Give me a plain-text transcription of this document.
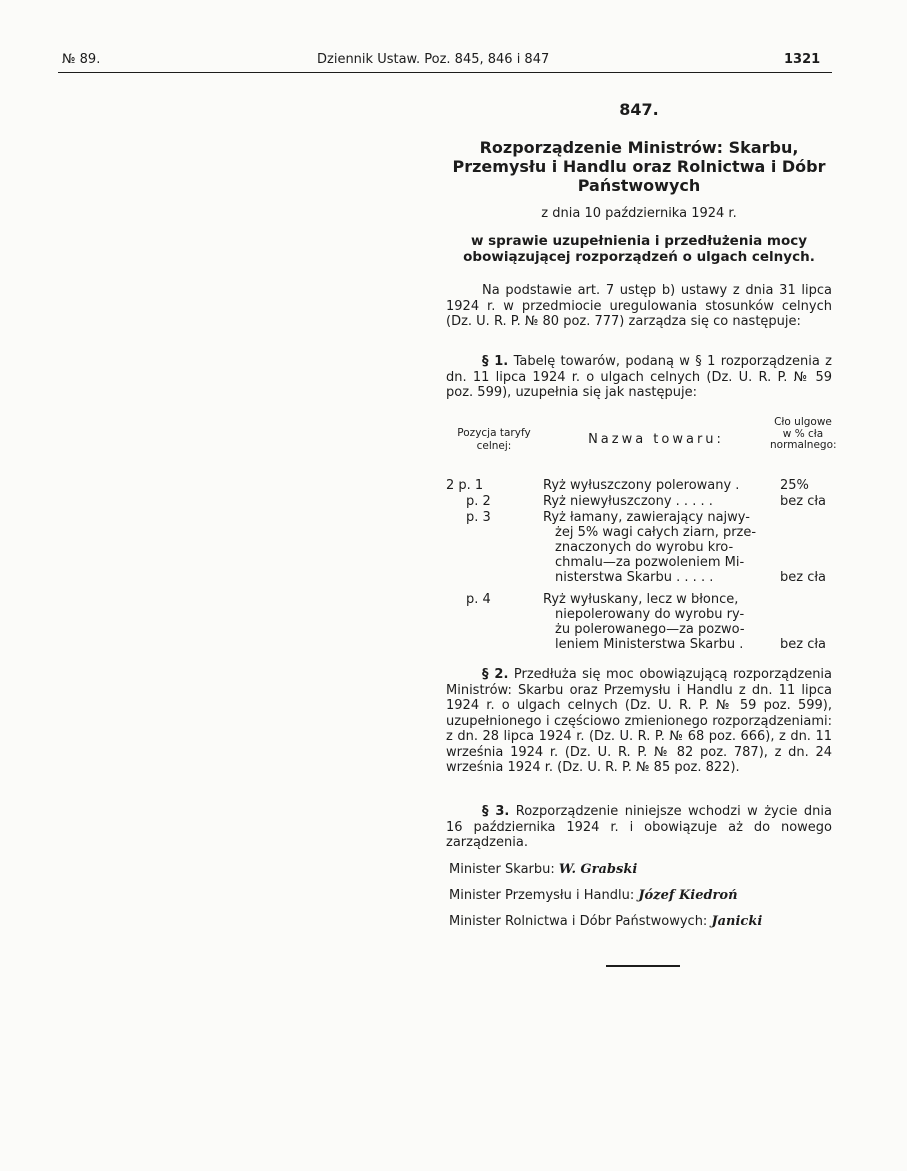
№ 89.	Dziennik Ustaw. Poz. 845, 846 i 847	1321
847.
Rozporządzenie Ministrów: Skarbu, Przemysłu i Handlu oraz Rolnictwa i Dóbr Państwowych
z dnia 10 października 1924 r.
w sprawie uzupełnienia i przedłużenia mocy obowiązującej rozporządzeń o ulgach celnych.
Na podstawie art. 7 ustęp b) ustawy z dnia 31 lipca 1924 r. w przedmiocie uregulowania stosunków celnych (Dz. U. R. P. № 80 poz. 777) zarządza się co następuje:
§ 1. Tabelę towarów, podaną w § 1 rozporządzenia z dn. 11 lipca 1924 r. o ulgach celnych (Dz. U. R. P. № 59 poz. 599), uzupełnia się jak następuje:
Pozycja taryfy celnej:	Nazwa towaru:
Cło ulgowe w % cła normalnego:
2 p. 1	Ryż wyłuszczony polerowany .	25%
p. 2	Ryż niewyłuszczony . . . . .	bez cła
p. 3	Ryż łamany, zawierający najwy-
żej 5% wagi całych ziarn, prze-
znaczonych do wyrobu kro-
chmalu—za pozwoleniem Mi-
nisterstwa Skarbu . . . . .	bez cła
p. 4	Ryż wyłuskany, lecz w błonce,
niepolerowany do wyrobu ry-
żu polerowanego—za pozwo-
leniem Ministerstwa Skarbu .	bez cła
§ 2. Przedłuża się moc obowiązującą rozporządzenia Ministrów: Skarbu oraz Przemysłu i Handlu z dn. 11 lipca 1924 r. o ulgach celnych (Dz. U. R. P. № 59 poz. 599), uzupełnionego i częściowo zmienionego rozporządzeniami: z dn. 28 lipca 1924 r. (Dz. U. R. P. № 68 poz. 666), z dn. 11 września 1924 r. (Dz. U. R. P. № 82 poz. 787), z dn. 24 września 1924 r. (Dz. U. R. P. № 85 poz. 822).
§ 3. Rozporządzenie niniejsze wchodzi w życie dnia 16 października 1924 r. i obowiązuje aż do nowego zarządzenia.
Minister Skarbu: W. Grabski
Minister Przemysłu i Handlu: Józef Kiedroń
Minister Rolnictwa i Dóbr Państwowych: Janicki
